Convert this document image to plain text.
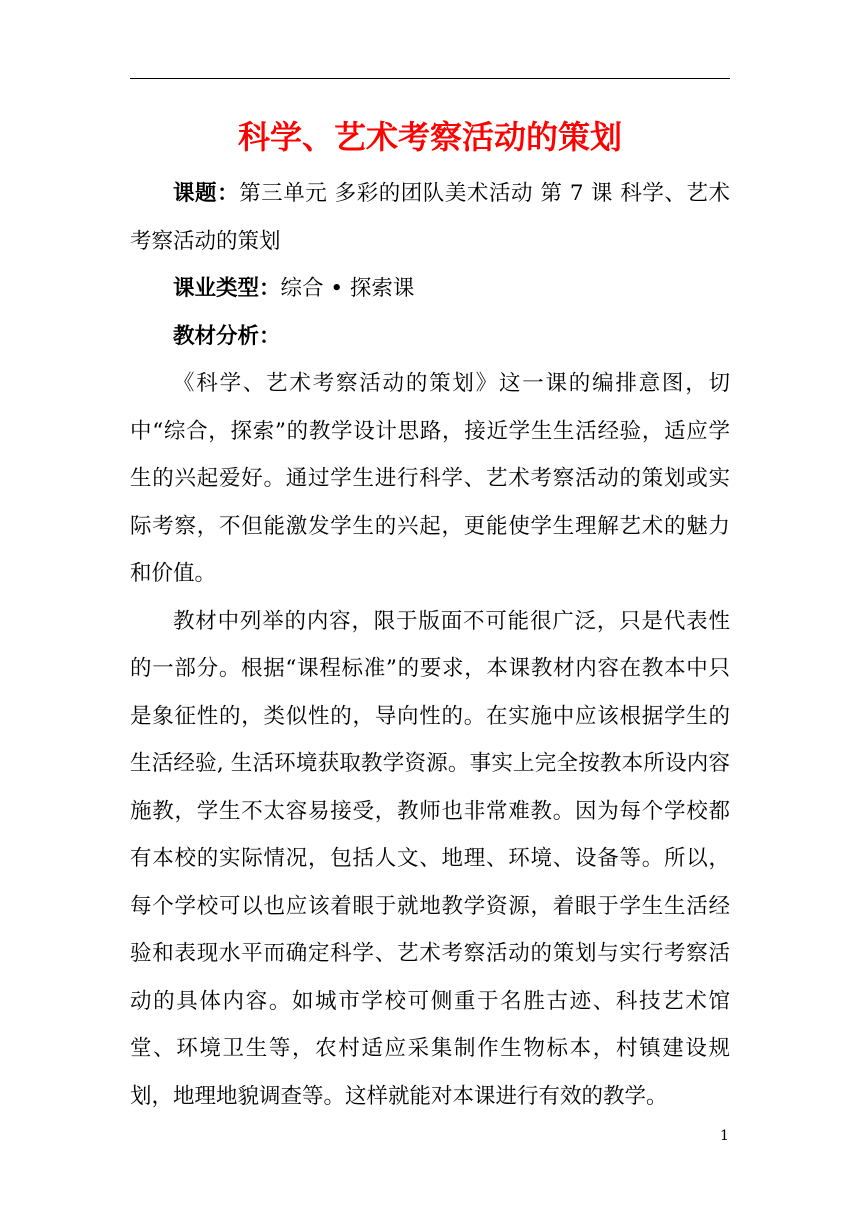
科学、艺术考察活动的策划

课题：第三单元 多彩的团队美术活动 第 7 课 科学、艺术考察活动的策划

课业类型：综合 • 探索课

教材分析：

《科学、艺术考察活动的策划》这一课的编排意图，切中“综合，探索”的教学设计思路，接近学生生活经验，适应学生的兴起爱好。通过学生进行科学、艺术考察活动的策划或实际考察，不但能激发学生的兴起，更能使学生理解艺术的魅力和价值。

教材中列举的内容，限于版面不可能很广泛，只是代表性的一部分。根据“课程标准”的要求，本课教材内容在教本中只是象征性的，类似性的，导向性的。在实施中应该根据学生的生活经验, 生活环境获取教学资源。事实上完全按教本所设内容施教，学生不太容易接受，教师也非常难教。因为每个学校都有本校的实际情况，包括人文、地理、环境、设备等。所以，每个学校可以也应该着眼于就地教学资源，着眼于学生生活经验和表现水平而确定科学、艺术考察活动的策划与实行考察活动的具体内容。如城市学校可侧重于名胜古迹、科技艺术馆堂、环境卫生等，农村适应采集制作生物标本，村镇建设规划，地理地貌调查等。这样就能对本课进行有效的教学。

1
